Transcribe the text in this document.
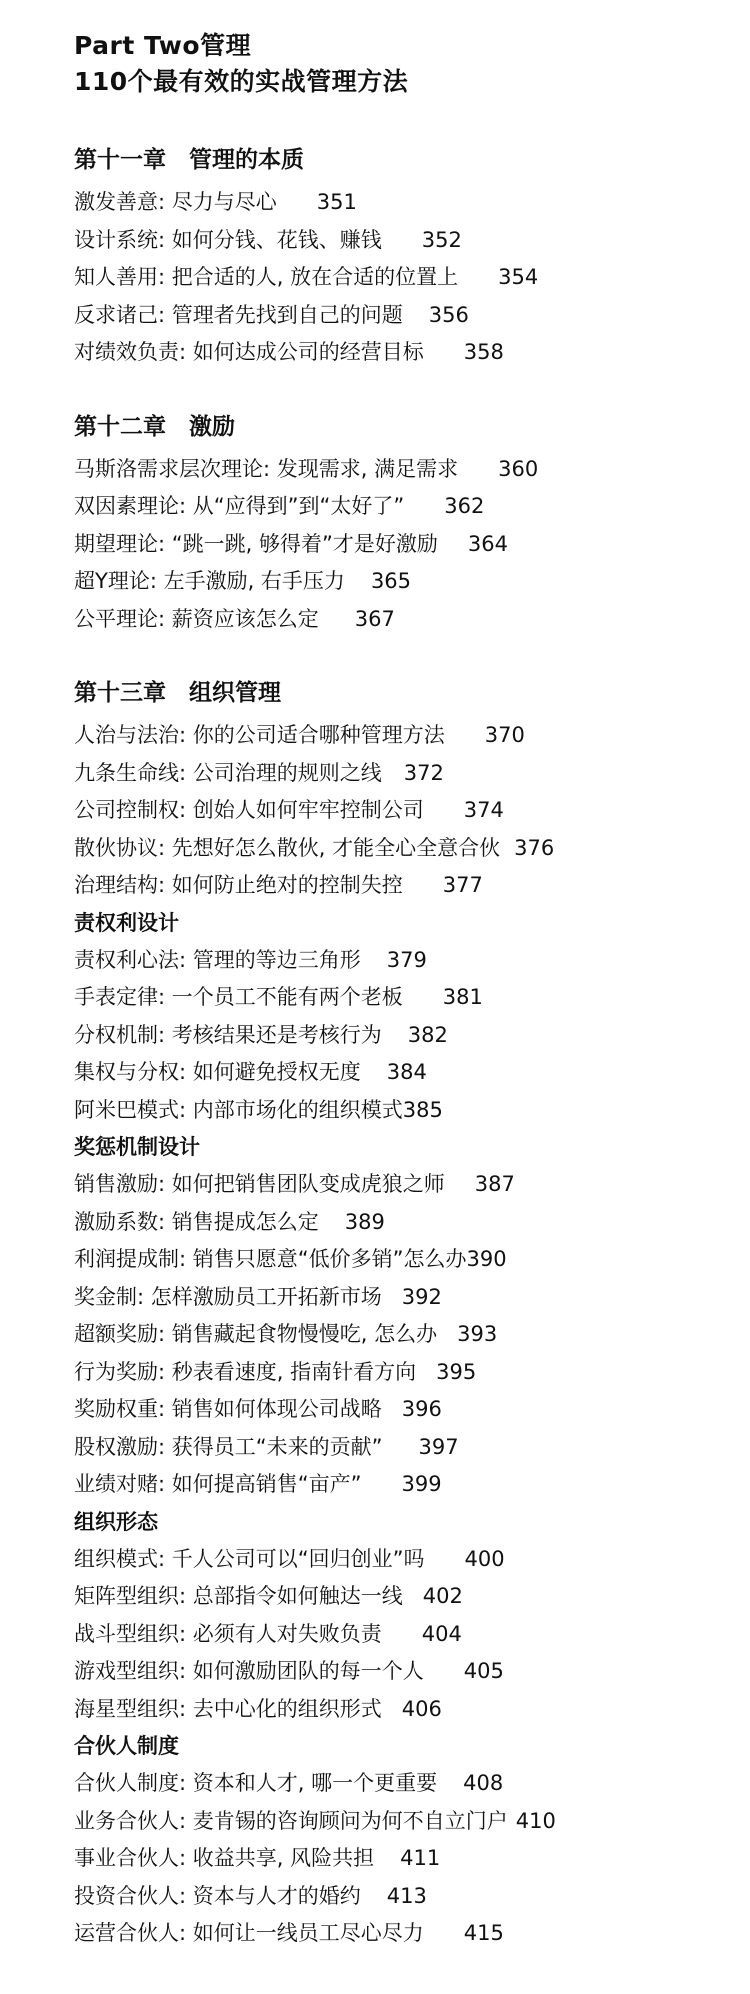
Part Two管理
110个最有效的实战管理方法
第十一章　管理的本质
激发善意: 尽力与尽心 351
设计系统: 如何分钱、花钱、赚钱 352
知人善用: 把合适的人, 放在合适的位置上 354
反求诸己: 管理者先找到自己的问题 356
对绩效负责: 如何达成公司的经营目标 358
第十二章　激励
马斯洛需求层次理论: 发现需求, 满足需求 360
双因素理论: 从“应得到”到“太好了” 362
期望理论: “跳一跳, 够得着”才是好激励 364
超Y理论: 左手激励, 右手压力 365
公平理论: 薪资应该怎么定 367
第十三章　组织管理
人治与法治: 你的公司适合哪种管理方法 370
九条生命线: 公司治理的规则之线 372
公司控制权: 创始人如何牢牢控制公司 374
散伙协议: 先想好怎么散伙, 才能全心全意合伙 376
治理结构: 如何防止绝对的控制失控 377
责权利设计
责权利心法: 管理的等边三角形 379
手表定律: 一个员工不能有两个老板 381
分权机制: 考核结果还是考核行为 382
集权与分权: 如何避免授权无度 384
阿米巴模式: 内部市场化的组织模式 385
奖惩机制设计
销售激励: 如何把销售团队变成虎狼之师 387
激励系数: 销售提成怎么定 389
利润提成制: 销售只愿意“低价多销”怎么办 390
奖金制: 怎样激励员工开拓新市场 392
超额奖励: 销售藏起食物慢慢吃, 怎么办 393
行为奖励: 秒表看速度, 指南针看方向 395
奖励权重: 销售如何体现公司战略 396
股权激励: 获得员工“未来的贡献” 397
业绩对赌: 如何提高销售“亩产” 399
组织形态
组织模式: 千人公司可以“回归创业”吗 400
矩阵型组织: 总部指令如何触达一线 402
战斗型组织: 必须有人对失败负责 404
游戏型组织: 如何激励团队的每一个人 405
海星型组织: 去中心化的组织形式 406
合伙人制度
合伙人制度: 资本和人才, 哪一个更重要 408
业务合伙人: 麦肯锡的咨询顾问为何不自立门户 410
事业合伙人: 收益共享, 风险共担 411
投资合伙人: 资本与人才的婚约 413
运营合伙人: 如何让一线员工尽心尽力 415
